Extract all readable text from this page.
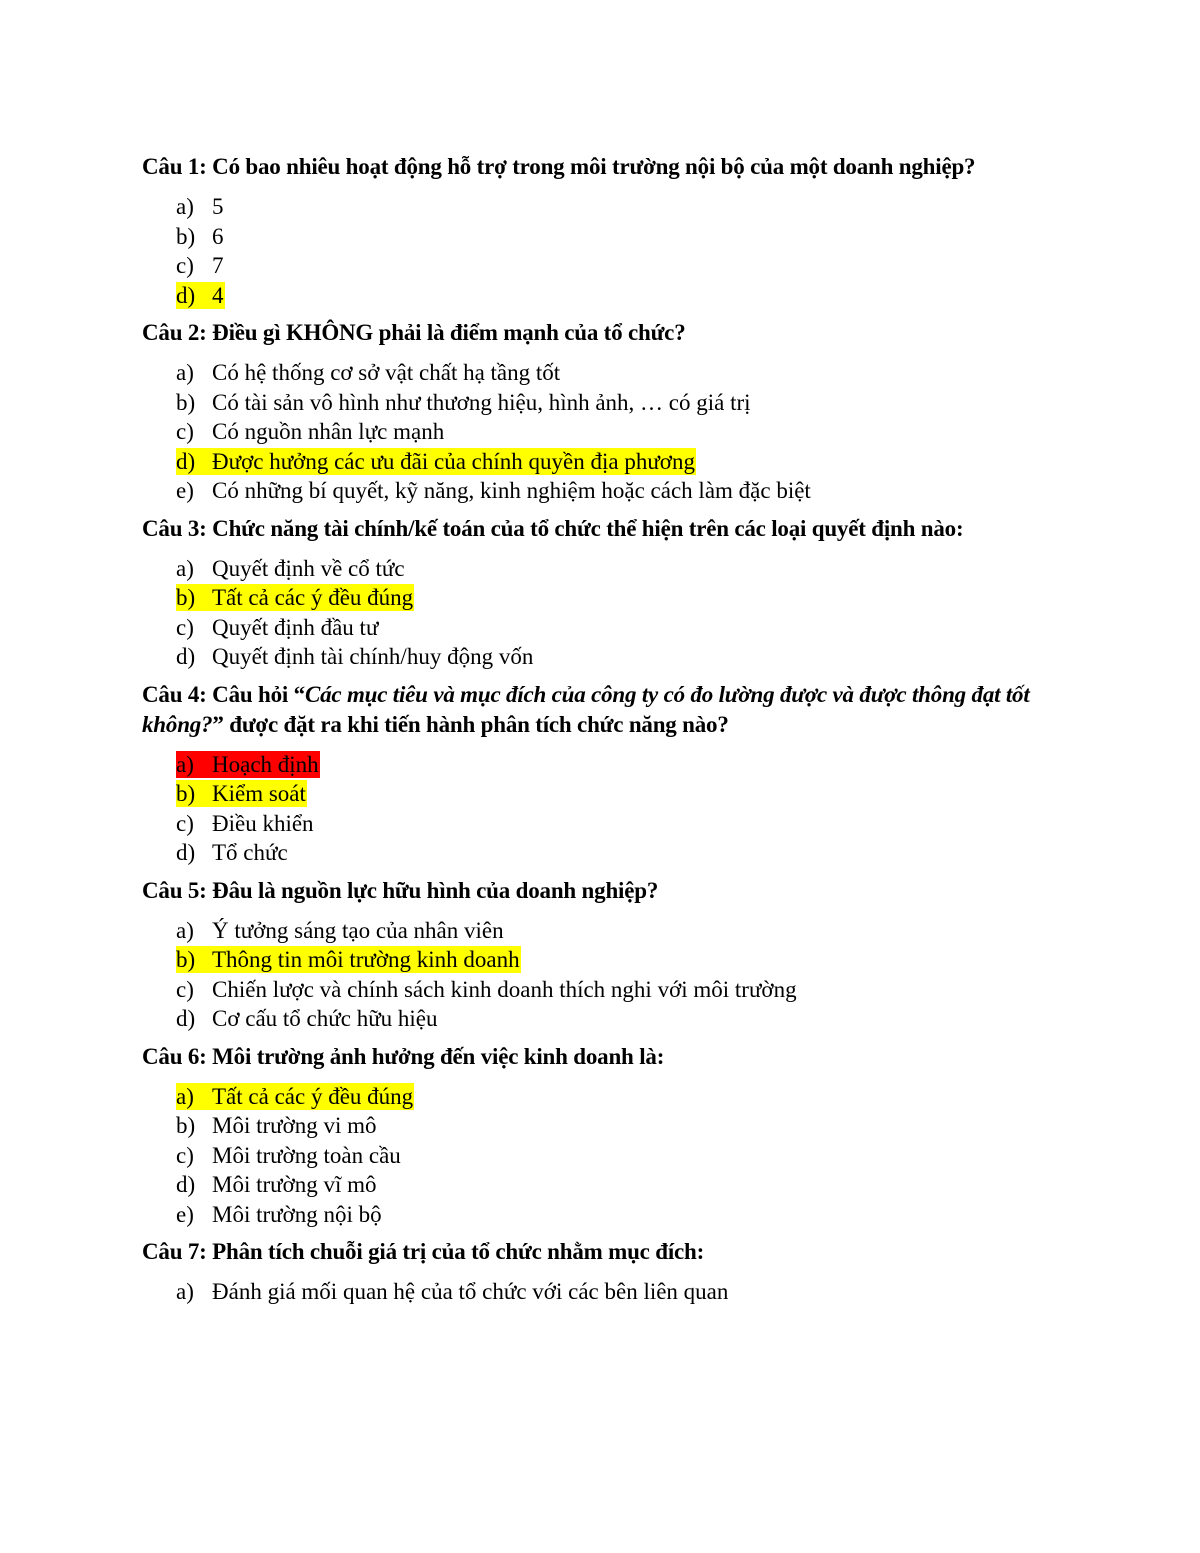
Câu 1: Có bao nhiêu hoạt động hỗ trợ trong môi trường nội bộ của một doanh nghiệp?

a) 5
b) 6
c) 7
d) 4

Câu 2: Điều gì KHÔNG phải là điểm mạnh của tổ chức?

a) Có hệ thống cơ sở vật chất hạ tầng tốt
b) Có tài sản vô hình như thương hiệu, hình ảnh, … có giá trị
c) Có nguồn nhân lực mạnh
d) Được hưởng các ưu đãi của chính quyền địa phương
e) Có những bí quyết, kỹ năng, kinh nghiệm hoặc cách làm đặc biệt

Câu 3: Chức năng tài chính/kế toán của tổ chức thể hiện trên các loại quyết định nào:

a) Quyết định về cổ tức
b) Tất cả các ý đều đúng
c) Quyết định đầu tư
d) Quyết định tài chính/huy động vốn

Câu 4: Câu hỏi “Các mục tiêu và mục đích của công ty có đo lường được và được thông đạt tốt không?” được đặt ra khi tiến hành phân tích chức năng nào?

a) Hoạch định
b) Kiểm soát
c) Điều khiển
d) Tổ chức

Câu 5: Đâu là nguồn lực hữu hình của doanh nghiệp?

a) Ý tưởng sáng tạo của nhân viên
b) Thông tin môi trường kinh doanh
c) Chiến lược và chính sách kinh doanh thích nghi với môi trường
d) Cơ cấu tổ chức hữu hiệu

Câu 6: Môi trường ảnh hưởng đến việc kinh doanh là:

a) Tất cả các ý đều đúng
b) Môi trường vi mô
c) Môi trường toàn cầu
d) Môi trường vĩ mô
e) Môi trường nội bộ

Câu 7: Phân tích chuỗi giá trị của tổ chức nhằm mục đích:

a) Đánh giá mối quan hệ của tổ chức với các bên liên quan
